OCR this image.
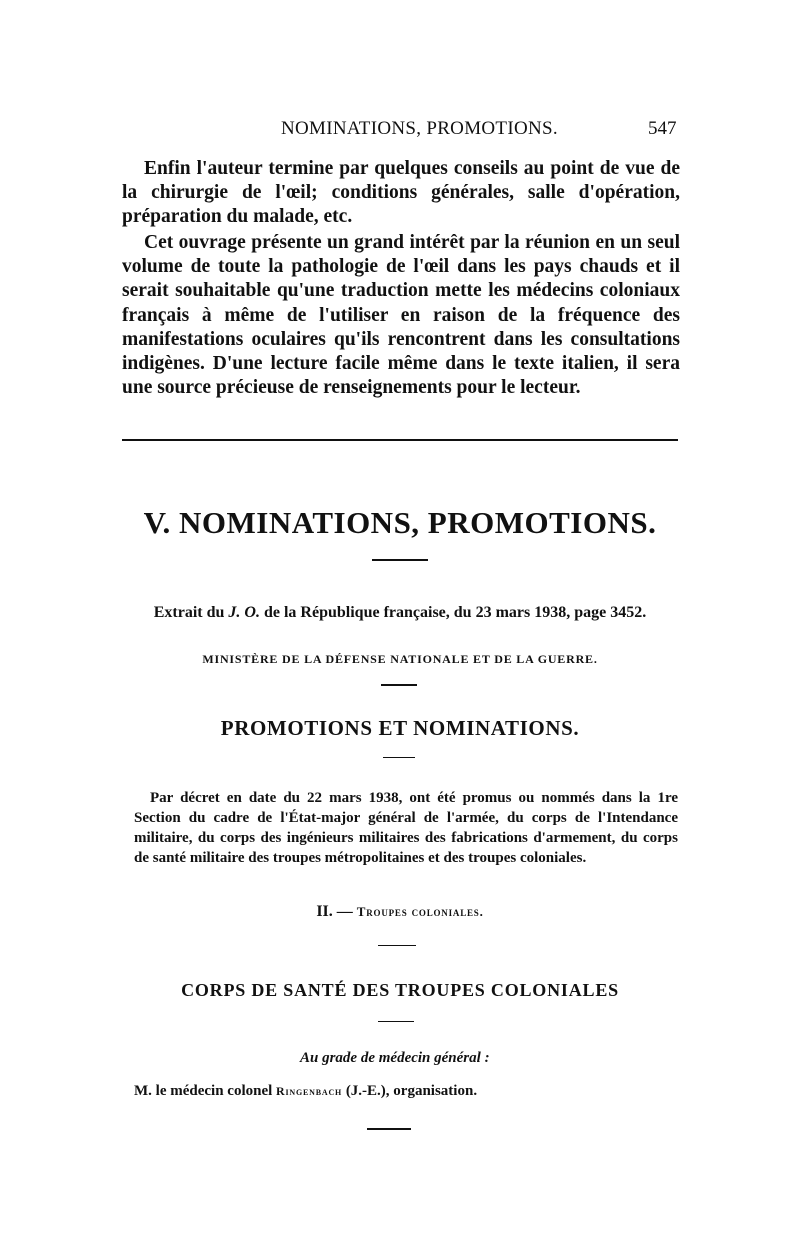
NOMINATIONS, PROMOTIONS.	547

Enfin l'auteur termine par quelques conseils au point de vue de la chirurgie de l'œil; conditions générales, salle d'opération, préparation du malade, etc.

Cet ouvrage présente un grand intérêt par la réunion en un seul volume de toute la pathologie de l'œil dans les pays chauds et il serait souhaitable qu'une traduction mette les médecins coloniaux français à même de l'utiliser en raison de la fréquence des manifestations oculaires qu'ils rencontrent dans les consultations indigènes. D'une lecture facile même dans le texte italien, il sera une source précieuse de renseignements pour le lecteur.

V. NOMINATIONS, PROMOTIONS.
Extrait du J. O. de la République française, du 23 mars 1938, page 3452.
MINISTÈRE DE LA DÉFENSE NATIONALE ET DE LA GUERRE.
PROMOTIONS ET NOMINATIONS.

Par décret en date du 22 mars 1938, ont été promus ou nommés dans la 1re Section du cadre de l'État-major général de l'armée, du corps de l'Intendance militaire, du corps des ingénieurs militaires des fabrications d'armement, du corps de santé militaire des troupes métropolitaines et des troupes coloniales.

II. — Troupes coloniales.
CORPS DE SANTÉ DES TROUPES COLONIALES
Au grade de médecin général :
M. le médecin colonel Ringenbach (J.-E.), organisation.
